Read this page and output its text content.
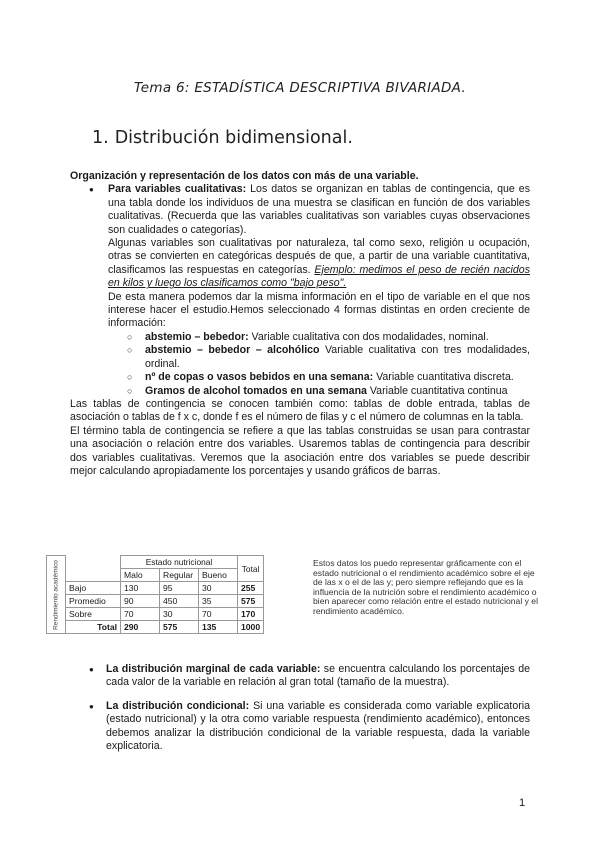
Tema 6: ESTADÍSTICA DESCRIPTIVA BIVARIADA.
1. Distribución bidimensional.

Organización y representación de los datos con más de una variable.

● Para variables cualitativas: Los datos se organizan en tablas de contingencia, que es una tabla donde los individuos de una muestra se clasifican en función de dos variables cualitativas. (Recuerda que las variables cualitativas son variables cuyas observaciones son cualidades o categorías).

Algunas variables son cualitativas por naturaleza, tal como sexo, religión u ocupación, otras se convierten en categóricas después de que, a partir de una variable cuantitativa, clasificamos las respuestas en categorías. Ejemplo: medimos el peso de recién nacidos en kilos y luego los clasificamos como "bajo peso".

De esta manera podemos dar la misma información en el tipo de variable en el que nos interese hacer el estudio.Hemos seleccionado 4 formas distintas en orden creciente de información:

○ abstemio – bebedor: Variable cualitativa con dos modalidades, nominal.

○ abstemio – bebedor – alcohólico Variable cualitativa con tres modalidades, ordinal.

○ nº de copas o vasos bebidos en una semana: Variable cuantitativa discreta.

○ Gramos de alcohol tomados en una semana Variable cuantitativa continua

Las tablas de contingencia se conocen también como: tablas de doble entrada, tablas de asociación o tablas de f x c, donde f es el número de filas y c el número de columnas en la tabla.

El término tabla de contingencia se refiere a que las tablas construidas se usan para contrastar una asociación o relación entre dos variables. Usaremos tablas de contingencia para describir dos variables cualitativas. Veremos que la asociación entre dos variables se puede describir mejor calculando apropiadamente los porcentajes y usando gráficos de barras.

Rendimiento académico		Estado nutricional			Total
		Malo	Regular	Bueno	
	Bajo	130	95	30	255
	Promedio	90	450	35	575
	Sobre	70	30	70	170
	Total	290	575	135	1000
Estos datos los puedo representar gráficamente con el estado nutricional o el rendimiento académico sobre el eje de las x o el de las y; pero siempre reflejando que es la influencia de la nutrición sobre el rendimiento académico o bien aparecer como relación entre el estado nutricional y el rendimiento académico.

● La distribución marginal de cada variable: se encuentra calculando los porcentajes de cada valor de la variable en relación al gran total (tamaño de la muestra).

● La distribución condicional: Si una variable es considerada como variable explicatoria (estado nutricional) y la otra como variable respuesta (rendimiento académico), entonces debemos analizar la distribución condicional de la variable respuesta, dada la variable explicatoria.

1
